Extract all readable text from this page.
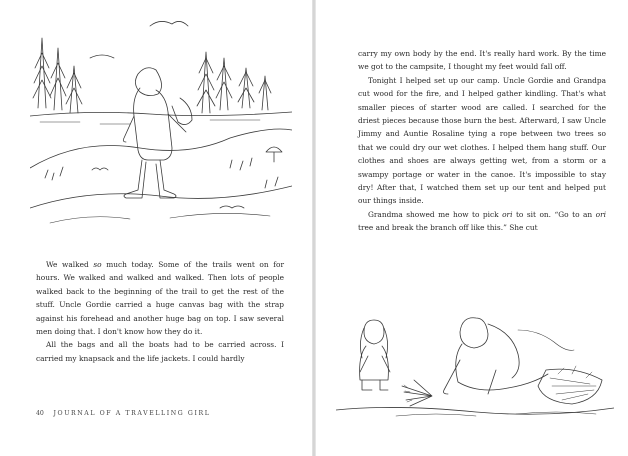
We walked so much today. Some of the trails went on for hours. We walked and walked and walked. Then lots of people walked back to the beginning of the trail to get the rest of the stuff. Uncle Gordie carried a huge canvas bag with the strap against his forehead and another huge bag on top. I saw several men doing that. I don't know how they do it.

All the bags and all the boats had to be carried across. I carried my knapsack and the life jackets. I could hardly

40 JOURNAL OF A TRAVELLING GIRL

carry my own body by the end. It's really hard work. By the time we got to the campsite, I thought my feet would fall off.

Tonight I helped set up our camp. Uncle Gordie and Grandpa cut wood for the fire, and I helped gather kindling. That's what smaller pieces of starter wood are called. I searched for the driest pieces because those burn the best. Afterward, I saw Uncle Jimmy and Auntie Rosaline tying a rope between two trees so that we could dry our wet clothes. I helped them hang stuff. Our clothes and shoes are always getting wet, from a storm or a swampy portage or water in the canoe. It's impossible to stay dry! After that, I watched them set up our tent and helped put our things inside.

Grandma showed me how to pick ori to sit on. “Go to an ori tree and break the branch off like this.” She cut
